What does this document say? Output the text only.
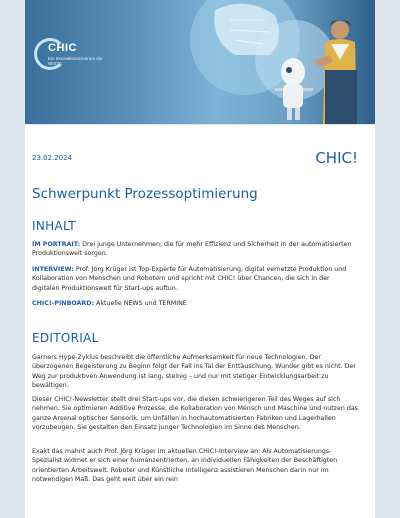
CHIC
Ein Innovationszentrum der WISTA
23.02.2024	CHIC!
Schwerpunkt Prozessoptimierung
INHALT
IM PORTRAIT: Drei junge Unternehmen, die für mehr Effizienz und Sicherheit in der automatisierten Produktionswelt sorgen.
INTERVIEW: Prof. Jörg Krüger ist Top-Experte für Automatisierung, digital vernetzte Produktion und Kollaboration von Menschen und Robotern und spricht mit CHIC! über Chancen, die sich in der digitalen Produktionswelt für Start-ups auftun.
CHIC!-PINBOARD: Aktuelle NEWS und TERMINE
EDITORIAL
Garners Hype-Zyklus beschreibt die öffentliche Aufmerksamkeit für neue Technologien. Der überzogenen Begeisterung zu Beginn folgt der Fall ins Tal der Enttäuschung. Wunder gibt es nicht. Der Weg zur produktiven Anwendung ist lang, steinig – und nur mit stetiger Entwicklungsarbeit zu bewältigen.
Dieser CHIC!-Newsletter stellt drei Start-ups vor, die diesen schwierigeren Teil des Weges auf sich nehmen. Sie optimieren Additive Prozesse, die Kollaboration von Mensch und Maschine und nutzen das ganze Arsenal optischer Sensorik, um Unfällen in hochautomatisierten Fabriken und Lagerhallen vorzubeugen. Sie gestalten den Einsatz junger Technologien im Sinne des Menschen.
Exakt das mahnt auch Prof. Jörg Krüger im aktuellen CHIC!-Interview an: Als Automatisierungs-Spezialist widmet er sich einer humanzentrierten, an individuellen Fähigkeiten der Beschäftigten orientierten Arbeitswelt. Roboter und Künstliche Intelligenz assistieren Menschen darin nur im notwendigen Maß. Das geht weit über ein rein
